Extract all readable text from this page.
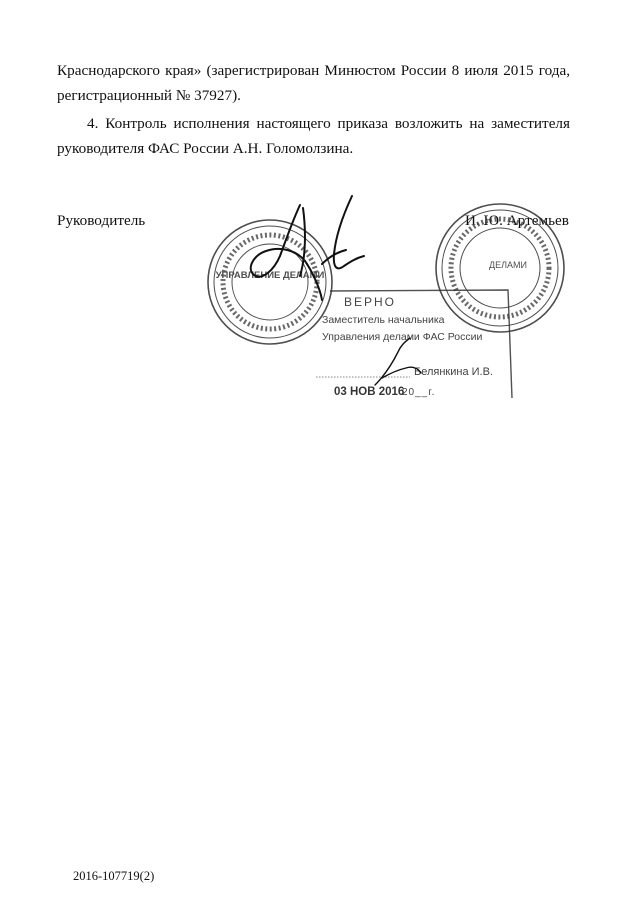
Краснодарского края» (зарегистрирован Минюстом России 8 июля 2015 года, регистрационный № 37927).
4. Контроль исполнения настоящего приказа возложить на заместителя руководителя ФАС России А.Н. Голомолзина.
Руководитель	И. Ю. Артемьев
УПРАВЛЕНИЕ ДЕЛАМИ
ДЕЛАМИ
ВЕРНО
Заместитель начальника
Управления делами ФАС России
Белянкина И.В.
03 НОВ 2016
20__г.
2016-107719(2)
